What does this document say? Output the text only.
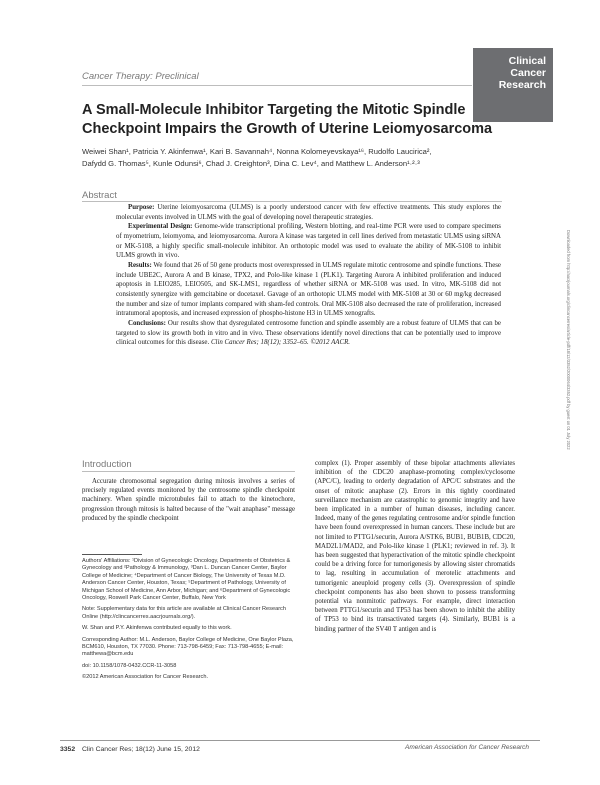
Clinical
Cancer
Research
Cancer Therapy: Preclinical
A Small-Molecule Inhibitor Targeting the Mitotic Spindle Checkpoint Impairs the Growth of Uterine Leiomyosarcoma
Weiwei Shan¹, Patricia Y. Akinfenwa¹, Kari B. Savannah⁴, Nonna Kolomeyevskaya¹⁶, Rudolfo Laucirica²,
Dafydd G. Thomas⁵, Kunle Odunsi⁶, Chad J. Creighton³, Dina C. Lev⁴, and Matthew L. Anderson¹·²·³
Abstract

Purpose: Uterine leiomyosarcoma (ULMS) is a poorly understood cancer with few effective treatments. This study explores the molecular events involved in ULMS with the goal of developing novel therapeutic strategies.

Experimental Design: Genome-wide transcriptional profiling, Western blotting, and real-time PCR were used to compare specimens of myometrium, leiomyoma, and leiomyosarcoma. Aurora A kinase was targeted in cell lines derived from metastatic ULMS using siRNA or MK-5108, a highly specific small-molecule inhibitor. An orthotopic model was used to evaluate the ability of MK-5108 to inhibit ULMS growth in vivo.

Results: We found that 26 of 50 gene products most overexpressed in ULMS regulate mitotic centrosome and spindle functions. These include UBE2C, Aurora A and B kinase, TPX2, and Polo-like kinase 1 (PLK1). Targeting Aurora A inhibited proliferation and induced apoptosis in LEIO285, LEIO505, and SK-LMS1, regardless of whether siRNA or MK-5108 was used. In vitro, MK-5108 did not consistently synergize with gemcitabine or docetaxel. Gavage of an orthotopic ULMS model with MK-5108 at 30 or 60 mg/kg decreased the number and size of tumor implants compared with sham-fed controls. Oral MK-5108 also decreased the rate of proliferation, increased intratumoral apoptosis, and increased expression of phospho-histone H3 in ULMS xenografts.

Conclusions: Our results show that dysregulated centrosome function and spindle assembly are a robust feature of ULMS that can be targeted to slow its growth both in vitro and in vivo. These observations identify novel directions that can be potentially used to improve clinical outcomes for this disease. Clin Cancer Res; 18(12); 3352–65. ©2012 AACR.

Introduction

Accurate chromosomal segregation during mitosis involves a series of precisely regulated events monitored by the centrosome spindle checkpoint machinery. When spindle microtubules fail to attach to the kinetochore, progression through mitosis is halted because of the "wait anaphase" message produced by the spindle checkpoint

Authors' Affiliations: ¹Division of Gynecologic Oncology, Departments of Obstetrics & Gynecology and ²Pathology & Immunology, ³Dan L. Duncan Cancer Center, Baylor College of Medicine; ⁴Department of Cancer Biology, The University of Texas M.D. Anderson Cancer Center, Houston, Texas; ⁵Department of Pathology, University of Michigan School of Medicine, Ann Arbor, Michigan; and ⁶Department of Gynecologic Oncology, Roswell Park Cancer Center, Buffalo, New York

Note: Supplementary data for this article are available at Clinical Cancer Research Online (http://clincancerres.aacrjournals.org/).

W. Shan and P.Y. Akinfenwa contributed equally to this work.

Corresponding Author: M.L. Anderson, Baylor College of Medicine, One Baylor Plaza, BCM610, Houston, TX 77030. Phone: 713-798-6459; Fax: 713-798-4655; E-mail: matthewa@bcm.edu

doi: 10.1158/1078-0432.CCR-11-3058

©2012 American Association for Cancer Research.

complex (1). Proper assembly of these bipolar attachments alleviates inhibition of the CDC20 anaphase-promoting complex/cyclosome (APC/C), leading to orderly degradation of APC/C substrates and the onset of mitotic anaphase (2). Errors in this tightly coordinated surveillance mechanism are catastrophic to genomic integrity and have been implicated in a number of human diseases, including cancer. Indeed, many of the genes regulating centrosome and/or spindle function have been found overexpressed in human cancers. These include but are not limited to PTTG1/securin, Aurora A/STK6, BUB1, BUB1B, CDC20, MAD2L1/MAD2, and Polo-like kinase 1 (PLK1; reviewed in ref. 3). It has been suggested that hyperactivation of the mitotic spindle checkpoint could be a driving force for tumorigenesis by allowing sister chromatids to lag, resulting in accumulation of merotelic attachments and tumorigenic aneuploid progeny cells (3). Overexpression of spindle checkpoint components has also been shown to possess transforming potential via nonmitotic pathways. For example, direct interaction between PTTG1/securin and TP53 has been shown to inhibit the ability of TP53 to bind its transactivated targets (4). Similarly, BUB1 is a binding partner of the SV40 T antigen and is

Downloaded from http://aacrjournals.org/clincancerres/article-pdf/18/12/3352/2000064/3352.pdf by guest on 01 July 2022
3352 Clin Cancer Res; 18(12) June 15, 2012	American Association for Cancer Research
